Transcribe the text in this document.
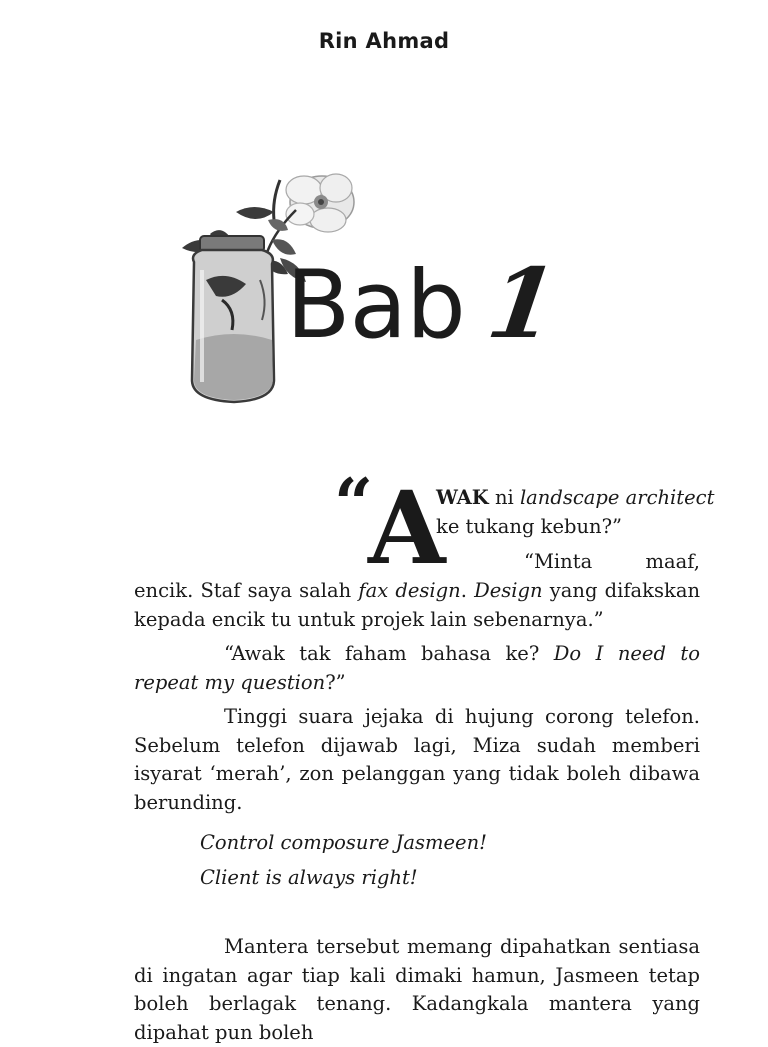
Rin Ahmad
Bab 1
“
A
WAK ni landscape architect
ke tukang kebun?”
“Minta maaf,
encik. Staf saya salah fax design. Design yang difakskan kepada encik tu untuk projek lain sebenarnya.”
“Awak tak faham bahasa ke? Do I need to repeat my question?”
Tinggi suara jejaka di hujung corong telefon. Sebelum telefon dijawab lagi, Miza sudah memberi isyarat ‘merah’, zon pelanggan yang tidak boleh dibawa berunding.
Control composure Jasmeen!
Client is always right!
Mantera tersebut memang dipahatkan sentiasa di ingatan agar tiap kali dimaki hamun, Jasmeen tetap boleh berlagak tenang. Kadangkala mantera yang dipahat pun boleh
